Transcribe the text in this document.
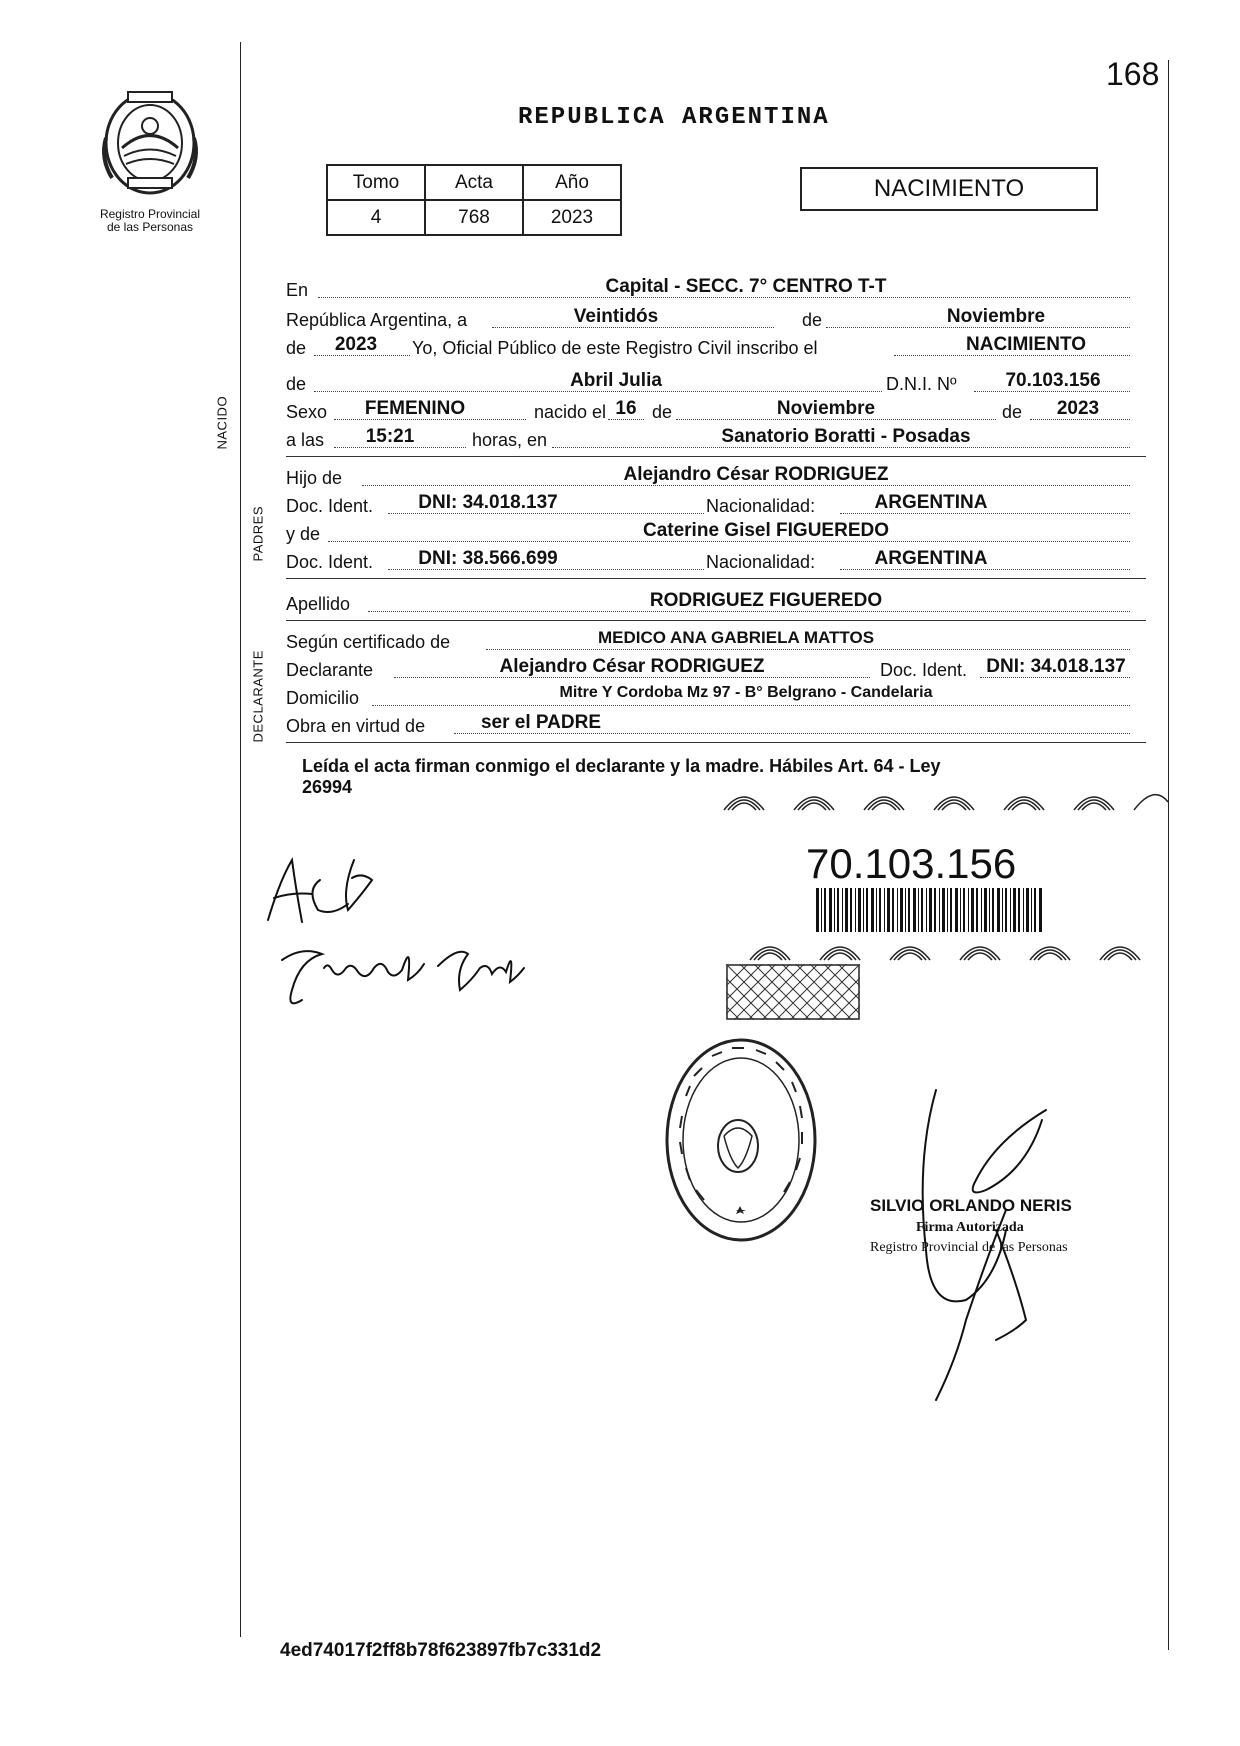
Registro Provincial
de las Personas
168
REPUBLICA ARGENTINA
Tomo	Acta	Año
4	768	2023
NACIMIENTO
En	Capital - SECC. 7° CENTRO T-T
República Argentina, a	Veintidós	de	Noviembre
de	2023	Yo, Oficial Público de este Registro Civil inscribo el	NACIMIENTO
NACIDO
de	Abril Julia	D.N.I. Nº	70.103.156
Sexo	FEMENINO	nacido el 16 de	Noviembre	de	2023
a las	15:21	horas, en	Sanatorio Boratti - Posadas
PADRES
Hijo de	Alejandro César RODRIGUEZ
Doc. Ident.	DNI: 34.018.137	Nacionalidad:	ARGENTINA
y de	Caterine Gisel FIGUEREDO
Doc. Ident.	DNI: 38.566.699	Nacionalidad:	ARGENTINA
Apellido	RODRIGUEZ FIGUEREDO
DECLARANTE
Según certificado de	MEDICO ANA GABRIELA MATTOS
Declarante	Alejandro César RODRIGUEZ	Doc. Ident.	DNI: 34.018.137
Domicilio	Mitre Y Cordoba Mz 97 - B° Belgrano - Candelaria
Obra en virtud de	ser el PADRE
Leída el acta firman conmigo el declarante y la madre. Hábiles Art. 64 - Ley
26994
70.103.156
SILVIO ORLANDO NERIS
Firma Autorizada
Registro Provincial de las Personas
4ed74017f2ff8b78f623897fb7c331d2
